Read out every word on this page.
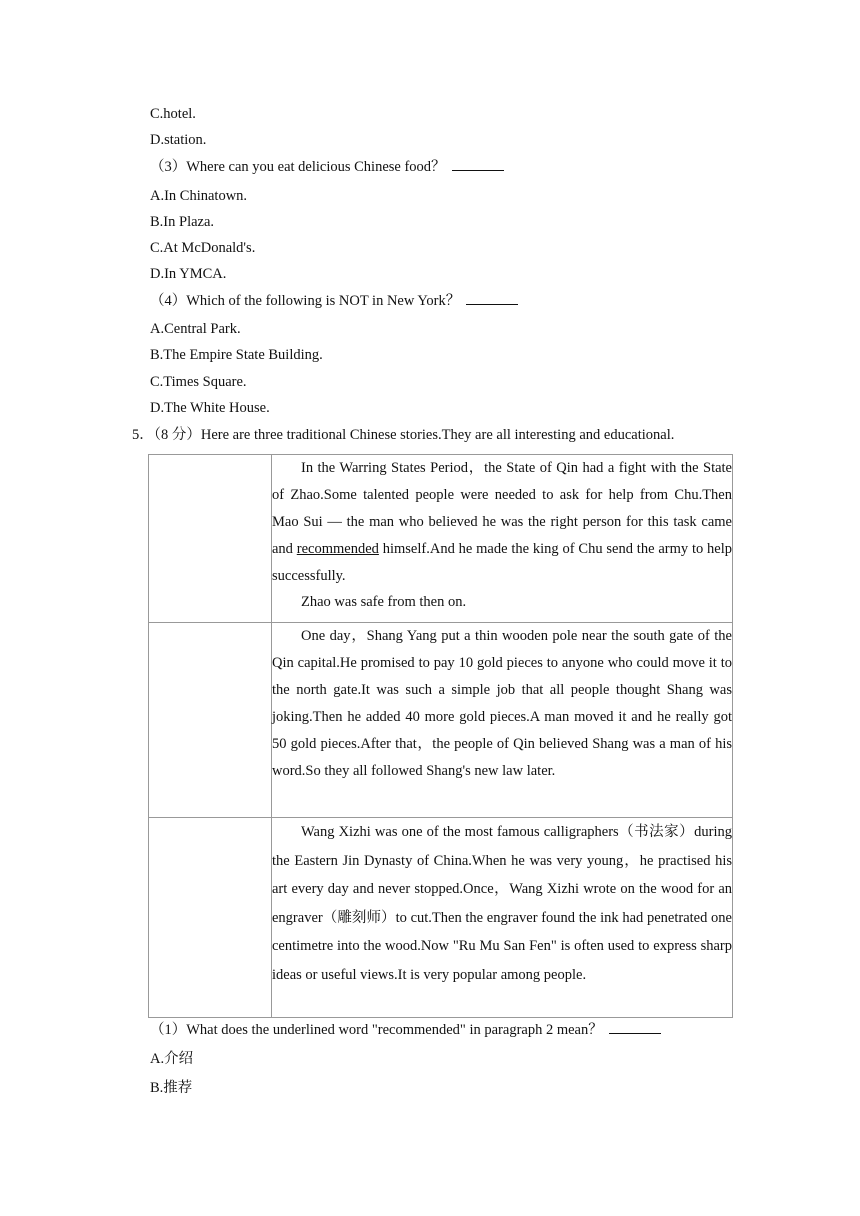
C.hotel.
D.station.
（3）Where can you eat delicious Chinese food？
A.In Chinatown.
B.In Plaza.
C.At McDonald's.
D.In YMCA.
（4）Which of the following is NOT in New York？
A.Central Park.
B.The Empire State Building.
C.Times Square.
D.The White House.
5．（8 分）Here are three traditional Chinese stories.They are all interesting and educational.

	In the Warring States Period，the State of Qin had a fight with the State of Zhao.Some talented people were needed to ask for help from Chu.Then Mao Sui — the man who believed he was the right person for this task came and recommended himself.And he made the king of Chu send the army to help successfully.

Zhao was safe from then on.

	One day，Shang Yang put a thin wooden pole near the south gate of the Qin capital.He promised to pay 10 gold pieces to anyone who could move it to the north gate.It was such a simple job that all people thought Shang was joking.Then he added 40 more gold pieces.A man moved it and he really got 50 gold pieces.After that，the people of Qin believed Shang was a man of his word.So they all followed Shang's new law later.

	Wang Xizhi was one of the most famous calligraphers（书法家）during the Eastern Jin Dynasty of China.When he was very young，he practised his art every day and never stopped.Once，Wang Xizhi wrote on the wood for an engraver（雕刻师）to cut.Then the engraver found the ink had penetrated one centimetre into the wood.Now "Ru Mu San Fen" is often used to express sharp ideas or useful views.It is very popular among people.

（1）What does the underlined word "recommended" in paragraph 2 mean？
A.介绍
B.推荐
